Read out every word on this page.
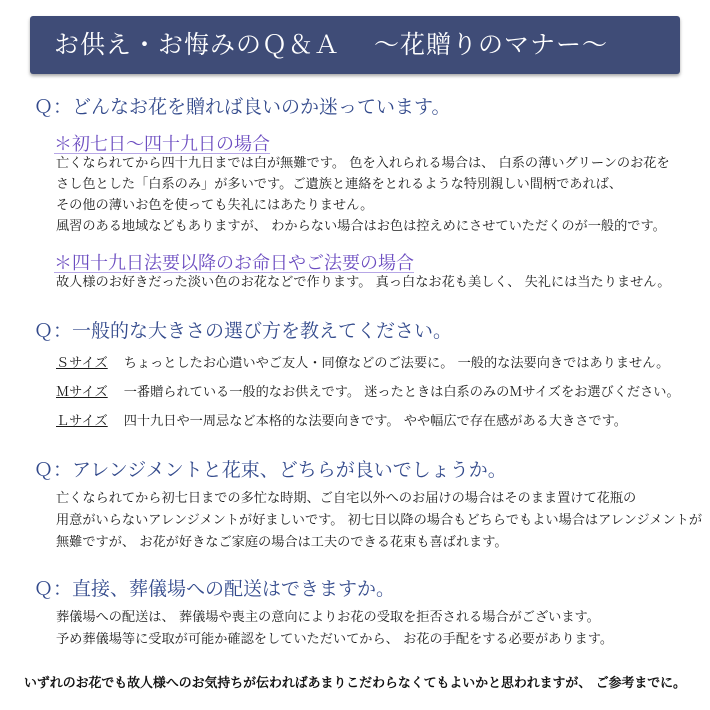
お供え・お悔みのＱ＆Ａ ～花贈りのマナー～
Ｑ：どんなお花を贈れば良いのか迷っています。
＊初七日～四十九日の場合
亡くなられてから四十九日までは白が無難です。 色を入れられる場合は、 白系の薄いグリーンのお花を
さし色とした「白系のみ」が多いです。ご遺族と連絡をとれるような特別親しい間柄であれば、
その他の薄いお色を使っても失礼にはあたりません。
風習のある地域などもありますが、 わからない場合はお色は控えめにさせていただくのが一般的です。
＊四十九日法要以降のお命日やご法要の場合
故人様のお好きだった淡い色のお花などで作ります。 真っ白なお花も美しく、 失礼には当たりません。
Ｑ：一般的な大きさの選び方を教えてください。
Ｓサイズ ちょっとしたお心遣いやご友人・同僚などのご法要に。 一般的な法要向きではありません。
Ｍサイズ 一番贈られている一般的なお供えです。 迷ったときは白系のみのＭサイズをお選びください。
Ｌサイズ 四十九日や一周忌など本格的な法要向きです。 やや幅広で存在感がある大きさです。
Ｑ：アレンジメントと花束、どちらが良いでしょうか。
亡くなられてから初七日までの多忙な時期、ご自宅以外へのお届けの場合はそのまま置けて花瓶の
用意がいらないアレンジメントが好ましいです。 初七日以降の場合もどちらでもよい場合はアレンジメントが
無難ですが、 お花が好きなご家庭の場合は工夫のできる花束も喜ばれます。
Ｑ：直接、葬儀場への配送はできますか。
葬儀場への配送は、 葬儀場や喪主の意向によりお花の受取を拒否される場合がございます。
予め葬儀場等に受取が可能か確認をしていただいてから、 お花の手配をする必要があります。
いずれのお花でも故人様へのお気持ちが伝わればあまりこだわらなくてもよいかと思われますが、 ご参考までに。
